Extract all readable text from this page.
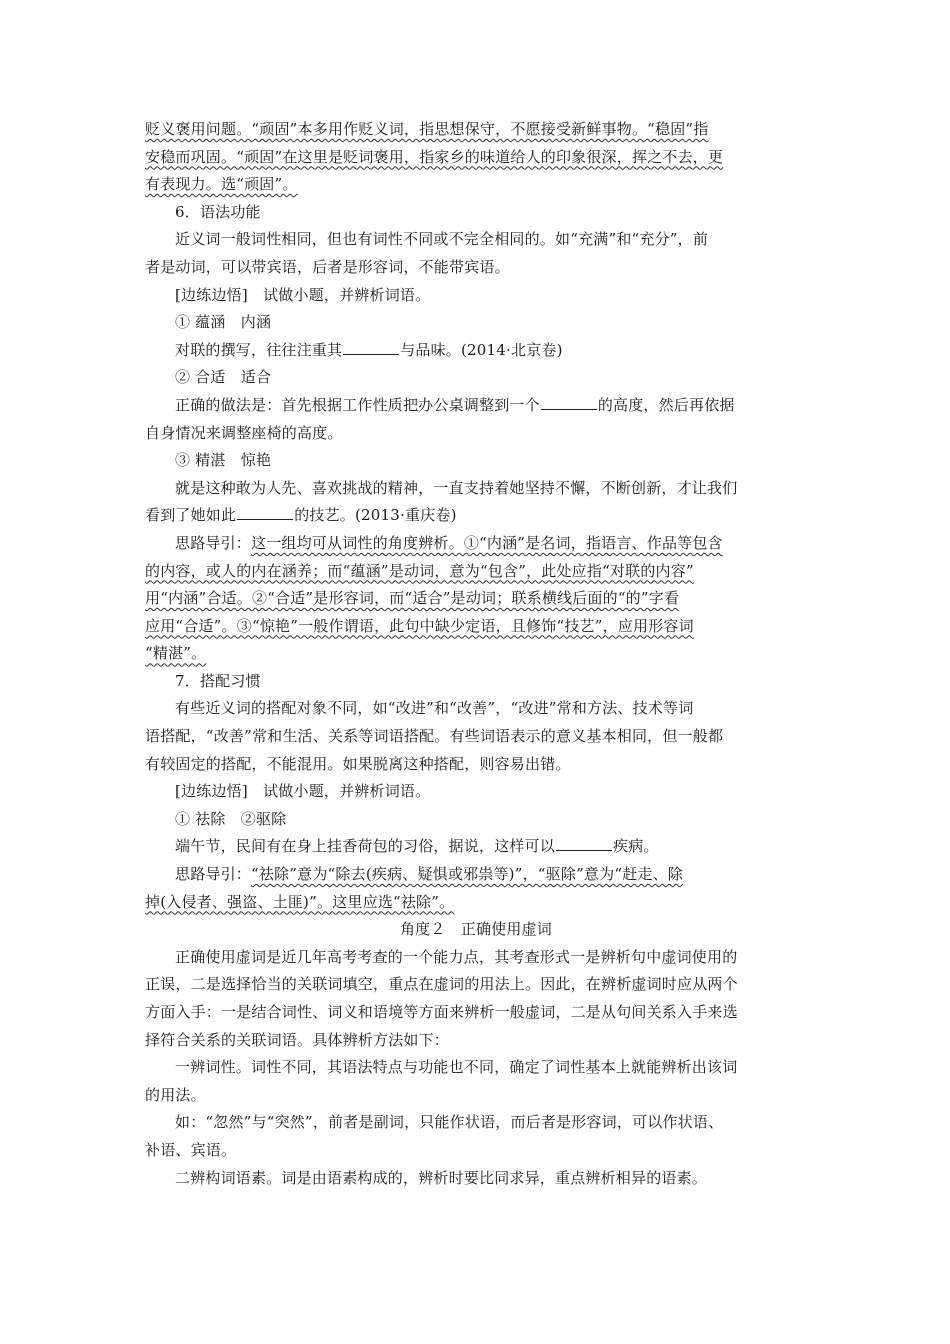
贬义褒用问题。“顽固”本多用作贬义词，指思想保守，不愿接受新鲜事物。“稳固”指
安稳而巩固。“顽固”在这里是贬词褒用，指家乡的味道给人的印象很深，挥之不去，更
有表现力。选“顽固”。
6．语法功能
近义词一般词性相同，但也有词性不同或不完全相同的。如“充满”和“充分”，前
者是动词，可以带宾语，后者是形容词，不能带宾语。
[边练边悟]　试做小题，并辨析词语。
① 蕴涵　内涵
对联的撰写，往往注重其	与品味。(2014·北京卷)
② 合适　适合
正确的做法是：首先根据工作性质把办公桌调整到一个	的高度，然后再依据
自身情况来调整座椅的高度。
③ 精湛　惊艳
就是这种敢为人先、喜欢挑战的精神，一直支持着她坚持不懈，不断创新，才让我们
看到了她如此	的技艺。(2013·重庆卷)
思路导引：这一组均可从词性的角度辨析。①“内涵”是名词，指语言、作品等包含
的内容，或人的内在涵养；而“蕴涵”是动词，意为“包含”，此处应指“对联的内容”
用“内涵”合适。②“合适”是形容词，而“适合”是动词；联系横线后面的“的”字看
应用“合适”。③“惊艳”一般作谓语，此句中缺少定语，且修饰“技艺”，应用形容词
“精湛”。
7．搭配习惯
有些近义词的搭配对象不同，如“改进”和“改善”，“改进”常和方法、技术等词
语搭配，“改善”常和生活、关系等词语搭配。有些词语表示的意义基本相同，但一般都
有较固定的搭配，不能混用。如果脱离这种搭配，则容易出错。
[边练边悟]　试做小题，并辨析词语。
① 祛除　②驱除
端午节，民间有在身上挂香荷包的习俗，据说，这样可以	疾病。
思路导引：“祛除”意为“除去(疾病、疑惧或邪祟等)”，“驱除”意为“赶走、除
掉(入侵者、强盗、土匪)”。这里应选“祛除”。
角度２　正确使用虚词
正确使用虚词是近几年高考考查的一个能力点，其考查形式一是辨析句中虚词使用的
正误，二是选择恰当的关联词填空，重点在虚词的用法上。因此，在辨析虚词时应从两个
方面入手：一是结合词性、词义和语境等方面来辨析一般虚词，二是从句间关系入手来选
择符合关系的关联词语。具体辨析方法如下：
一辨词性。词性不同，其语法特点与功能也不同，确定了词性基本上就能辨析出该词
的用法。
如：“忽然”与“突然”，前者是副词，只能作状语，而后者是形容词，可以作状语、
补语、宾语。
二辨构词语素。词是由语素构成的，辨析时要比同求异，重点辨析相异的语素。
